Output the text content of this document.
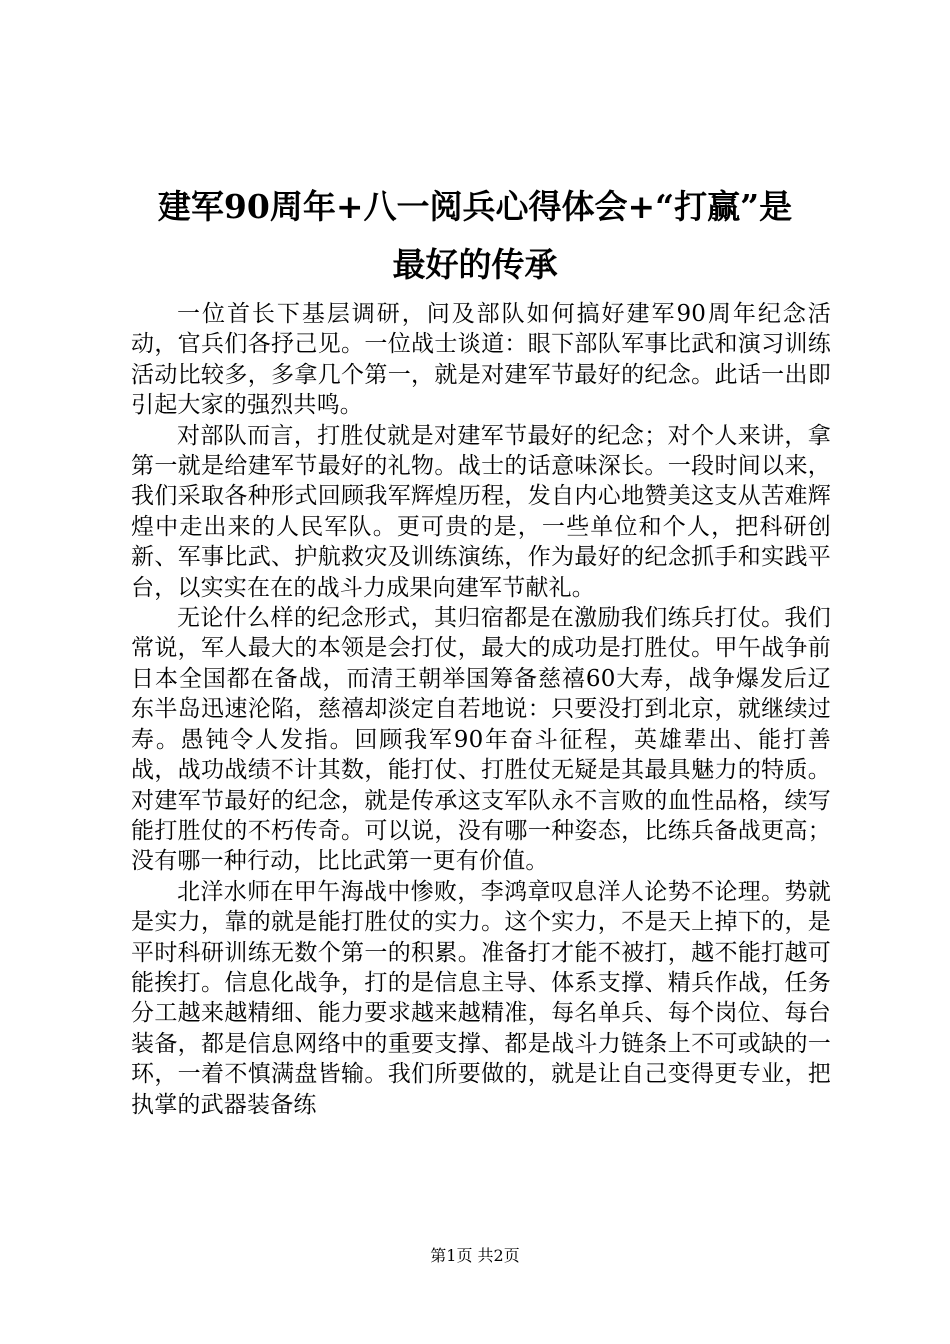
建军90周年+八一阅兵心得体会+“打赢”是
最好的传承

一位首长下基层调研，问及部队如何搞好建军90周年纪念活动，官兵们各抒己见。一位战士谈道：眼下部队军事比武和演习训练活动比较多，多拿几个第一，就是对建军节最好的纪念。此话一出即引起大家的强烈共鸣。

对部队而言，打胜仗就是对建军节最好的纪念；对个人来讲，拿第一就是给建军节最好的礼物。战士的话意味深长。一段时间以来，我们采取各种形式回顾我军辉煌历程，发自内心地赞美这支从苦难辉煌中走出来的人民军队。更可贵的是，一些单位和个人，把科研创新、军事比武、护航救灾及训练演练，作为最好的纪念抓手和实践平台，以实实在在的战斗力成果向建军节献礼。

无论什么样的纪念形式，其归宿都是在激励我们练兵打仗。我们常说，军人最大的本领是会打仗，最大的成功是打胜仗。甲午战争前日本全国都在备战，而清王朝举国筹备慈禧60大寿，战争爆发后辽东半岛迅速沦陷，慈禧却淡定自若地说：只要没打到北京，就继续过寿。愚钝令人发指。回顾我军90年奋斗征程，英雄辈出、能打善战，战功战绩不计其数，能打仗、打胜仗无疑是其最具魅力的特质。对建军节最好的纪念，就是传承这支军队永不言败的血性品格，续写能打胜仗的不朽传奇。可以说，没有哪一种姿态，比练兵备战更高；没有哪一种行动，比比武第一更有价值。

北洋水师在甲午海战中惨败，李鸿章叹息洋人论势不论理。势就是实力，靠的就是能打胜仗的实力。这个实力，不是天上掉下的，是平时科研训练无数个第一的积累。准备打才能不被打，越不能打越可能挨打。信息化战争，打的是信息主导、体系支撑、精兵作战，任务分工越来越精细、能力要求越来越精准，每名单兵、每个岗位、每台装备，都是信息网络中的重要支撑、都是战斗力链条上不可或缺的一环，一着不慎满盘皆输。我们所要做的，就是让自己变得更专业，把执掌的武器装备练

第1页 共2页
